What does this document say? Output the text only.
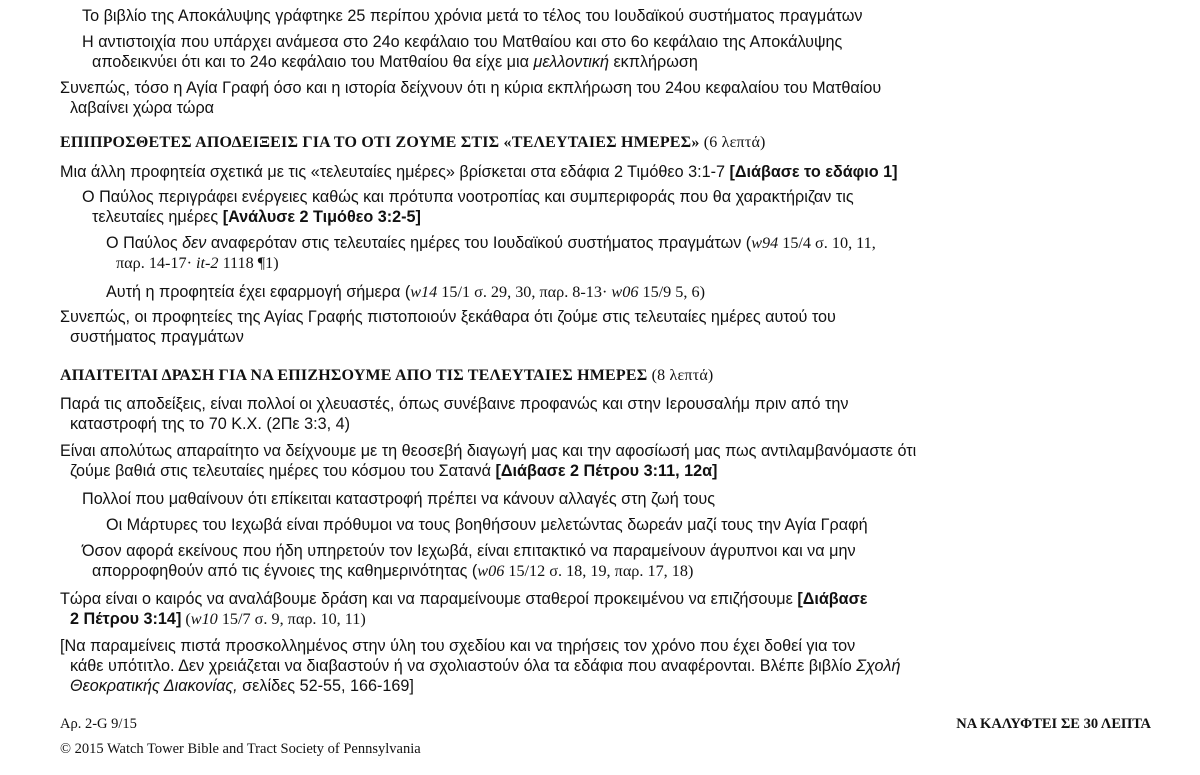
Το βιβλίο της Αποκάλυψης γράφτηκε 25 περίπου χρόνια μετά το τέλος του Ιουδαϊκού συστήματος πραγμάτων

Η αντιστοιχία που υπάρχει ανάμεσα στο 24ο κεφάλαιο του Ματθαίου και στο 6ο κεφάλαιο της Αποκάλυψης

αποδεικνύει ότι και το 24ο κεφάλαιο του Ματθαίου θα είχε μια μελλοντική εκπλήρωση

Συνεπώς, τόσο η Αγία Γραφή όσο και η ιστορία δείχνουν ότι η κύρια εκπλήρωση του 24ου κεφαλαίου του Ματθαίου

λαβαίνει χώρα τώρα

ΕΠΙΠΡΟΣΘΕΤΕΣ ΑΠΟΔΕΙΞΕΙΣ ΓΙΑ ΤΟ ΟΤΙ ΖΟΥΜΕ ΣΤΙΣ «ΤΕΛΕΥΤΑΙΕΣ ΗΜΕΡΕΣ» (6 λεπτά)

Μια άλλη προφητεία σχετικά με τις «τελευταίες ημέρες» βρίσκεται στα εδάφια 2 Τιμόθεο 3:1-7 [Διάβασε το εδάφιο 1]

Ο Παύλος περιγράφει ενέργειες καθώς και πρότυπα νοοτροπίας και συμπεριφοράς που θα χαρακτήριζαν τις

τελευταίες ημέρες [Ανάλυσε 2 Τιμόθεο 3:2-5]

Ο Παύλος δεν αναφερόταν στις τελευταίες ημέρες του Ιουδαϊκού συστήματος πραγμάτων (w94 15/4 σ. 10, 11,

παρ. 14-17· it-2 1118 ¶1)

Αυτή η προφητεία έχει εφαρμογή σήμερα (w14 15/1 σ. 29, 30, παρ. 8-13· w06 15/9 5, 6)

Συνεπώς, οι προφητείες της Αγίας Γραφής πιστοποιούν ξεκάθαρα ότι ζούμε στις τελευταίες ημέρες αυτού του

συστήματος πραγμάτων

ΑΠΑΙΤΕΙΤΑΙ ΔΡΑΣΗ ΓΙΑ ΝΑ ΕΠΙΖΗΣΟΥΜΕ ΑΠΟ ΤΙΣ ΤΕΛΕΥΤΑΙΕΣ ΗΜΕΡΕΣ (8 λεπτά)

Παρά τις αποδείξεις, είναι πολλοί οι χλευαστές, όπως συνέβαινε προφανώς και στην Ιερουσαλήμ πριν από την

καταστροφή της το 70 Κ.Χ. (2Πε 3:3, 4)

Είναι απολύτως απαραίτητο να δείχνουμε με τη θεοσεβή διαγωγή μας και την αφοσίωσή μας πως αντιλαμβανόμαστε ότι

ζούμε βαθιά στις τελευταίες ημέρες του κόσμου του Σατανά [Διάβασε 2 Πέτρου 3:11, 12α]

Πολλοί που μαθαίνουν ότι επίκειται καταστροφή πρέπει να κάνουν αλλαγές στη ζωή τους

Οι Μάρτυρες του Ιεχωβά είναι πρόθυμοι να τους βοηθήσουν μελετώντας δωρεάν μαζί τους την Αγία Γραφή

Όσον αφορά εκείνους που ήδη υπηρετούν τον Ιεχωβά, είναι επιτακτικό να παραμείνουν άγρυπνοι και να μην

απορροφηθούν από τις έγνοιες της καθημερινότητας (w06 15/12 σ. 18, 19, παρ. 17, 18)

Τώρα είναι ο καιρός να αναλάβουμε δράση και να παραμείνουμε σταθεροί προκειμένου να επιζήσουμε [Διάβασε

2 Πέτρου 3:14] (w10 15/7 σ. 9, παρ. 10, 11)

[Να παραμείνεις πιστά προσκολλημένος στην ύλη του σχεδίου και να τηρήσεις τον χρόνο που έχει δοθεί για τον

κάθε υπότιτλο. Δεν χρειάζεται να διαβαστούν ή να σχολιαστούν όλα τα εδάφια που αναφέρονται. Βλέπε βιβλίο Σχολή
Θεοκρατικής Διακονίας, σελίδες 52-55, 166-169]

Αρ. 2-G 9/15	ΝΑ ΚΑΛΥΦΤΕΙ ΣΕ 30 ΛΕΠΤΑ
© 2015 Watch Tower Bible and Tract Society of Pennsylvania
